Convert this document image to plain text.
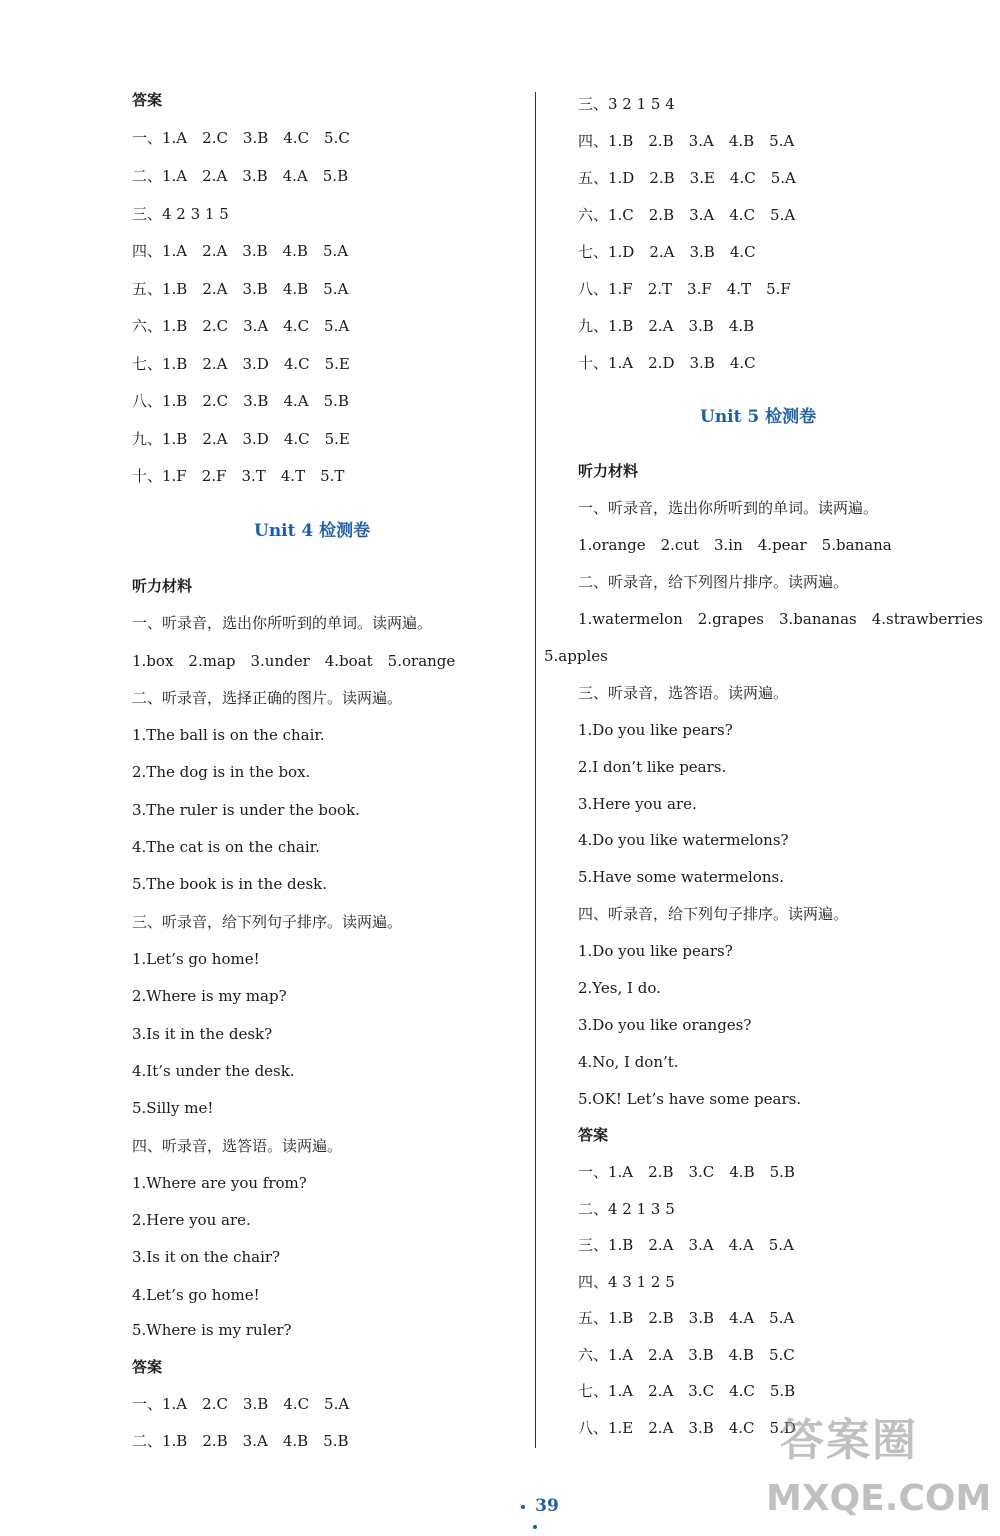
答案
一、1.A　2.C　3.B　4.C　5.C
二、1.A　2.A　3.B　4.A　5.B
三、4 2 3 1 5
四、1.A　2.A　3.B　4.B　5.A
五、1.B　2.A　3.B　4.B　5.A
六、1.B　2.C　3.A　4.C　5.A
七、1.B　2.A　3.D　4.C　5.E
八、1.B　2.C　3.B　4.A　5.B
九、1.B　2.A　3.D　4.C　5.E
十、1.F　2.F　3.T　4.T　5.T
Unit 4 检测卷
听力材料
一、听录音，选出你所听到的单词。读两遍。
1.box　2.map　3.under　4.boat　5.orange
二、听录音，选择正确的图片。读两遍。
1.The ball is on the chair.
2.The dog is in the box.
3.The ruler is under the book.
4.The cat is on the chair.
5.The book is in the desk.
三、听录音，给下列句子排序。读两遍。
1.Let’s go home!
2.Where is my map?
3.Is it in the desk?
4.It’s under the desk.
5.Silly me!
四、听录音，选答语。读两遍。
1.Where are you from?
2.Here you are.
3.Is it on the chair?
4.Let’s go home!
5.Where is my ruler?
答案
一、1.A　2.C　3.B　4.C　5.A
二、1.B　2.B　3.A　4.B　5.B
三、3 2 1 5 4
四、1.B　2.B　3.A　4.B　5.A
五、1.D　2.B　3.E　4.C　5.A
六、1.C　2.B　3.A　4.C　5.A
七、1.D　2.A　3.B　4.C
八、1.F　2.T　3.F　4.T　5.F
九、1.B　2.A　3.B　4.B
十、1.A　2.D　3.B　4.C
Unit 5 检测卷
听力材料
一、听录音，选出你所听到的单词。读两遍。
1.orange　2.cut　3.in　4.pear　5.banana
二、听录音，给下列图片排序。读两遍。
1.watermelon　2.grapes　3.bananas　4.strawberries
5.apples
三、听录音，选答语。读两遍。
1.Do you like pears?
2.I don’t like pears.
3.Here you are.
4.Do you like watermelons?
5.Have some watermelons.
四、听录音，给下列句子排序。读两遍。
1.Do you like pears?
2.Yes, I do.
3.Do you like oranges?
4.No, I don’t.
5.OK! Let’s have some pears.
答案
一、1.A　2.B　3.C　4.B　5.B
二、4 2 1 3 5
三、1.B　2.A　3.A　4.A　5.A
四、4 3 1 2 5
五、1.B　2.B　3.B　4.A　5.A
六、1.A　2.A　3.B　4.B　5.C
七、1.A　2.A　3.C　4.C　5.B
八、1.E　2.A　3.B　4.C　5.D
39
答案圈
MXQE.COM
